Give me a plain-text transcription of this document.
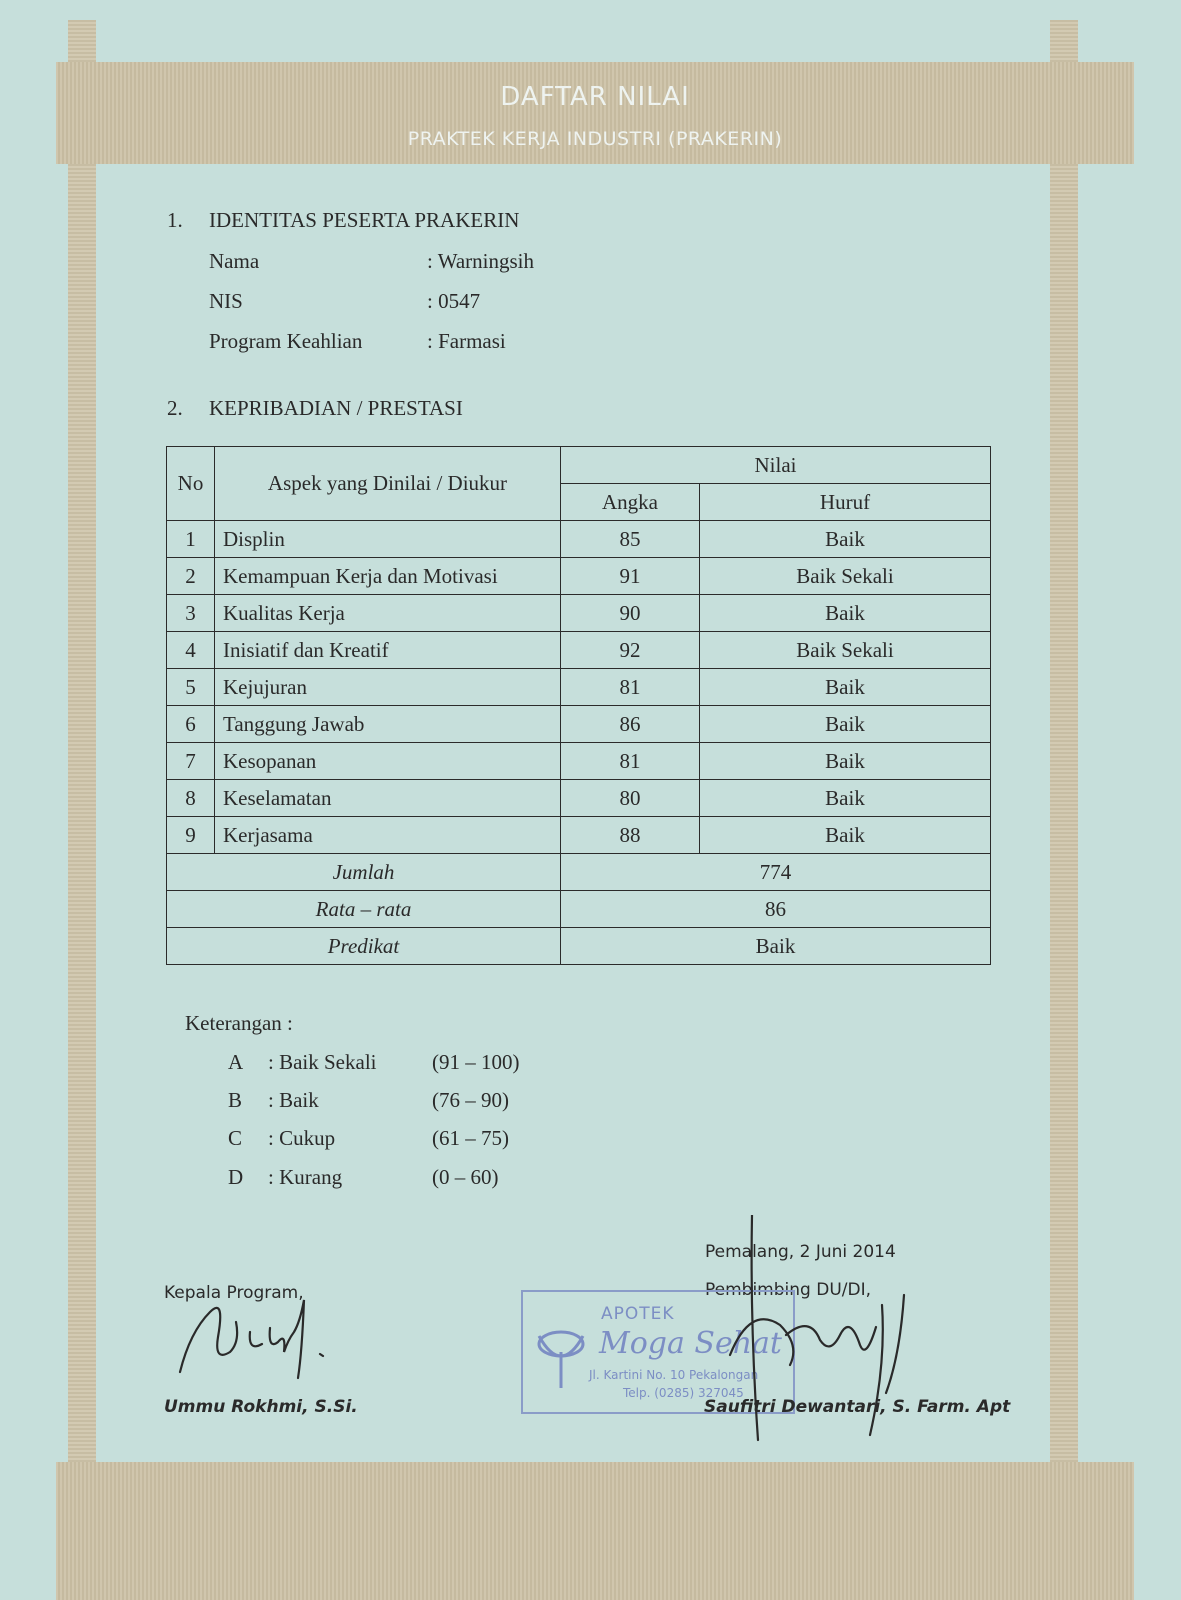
DAFTAR NILAI
PRAKTEK KERJA INDUSTRI (PRAKERIN)
1. IDENTITAS PESERTA PRAKERIN
Nama	: Warningsih
NIS	: 0547
Program Keahlian	: Farmasi
2. KEPRIBADIAN / PRESTASI
No	Aspek yang Dinilai / Diukur	Nilai	
		Angka	Huruf
1	Displin	85	Baik
2	Kemampuan Kerja dan Motivasi	91	Baik Sekali
3	Kualitas Kerja	90	Baik
4	Inisiatif dan Kreatif	92	Baik Sekali
5	Kejujuran	81	Baik
6	Tanggung Jawab	86	Baik
7	Kesopanan	81	Baik
8	Keselamatan	80	Baik
9	Kerjasama	88	Baik
Jumlah		774	
Rata – rata		86	
Predikat		Baik	
Keterangan :
A : Baik Sekali	(91 – 100)
B : Baik	(76 – 90)
C : Cukup	(61 – 75)
D : Kurang	(0 – 60)
Pemalang, 2 Juni 2014
Kepala Program,	Pembimbing DU/DI,
APOTEK
Moga Sehat
Jl. Kartini No. 10 Pekalongan
Telp. (0285) 327045
Ummu Rokhmi, S.Si.	Saufitri Dewantari, S. Farm. Apt
